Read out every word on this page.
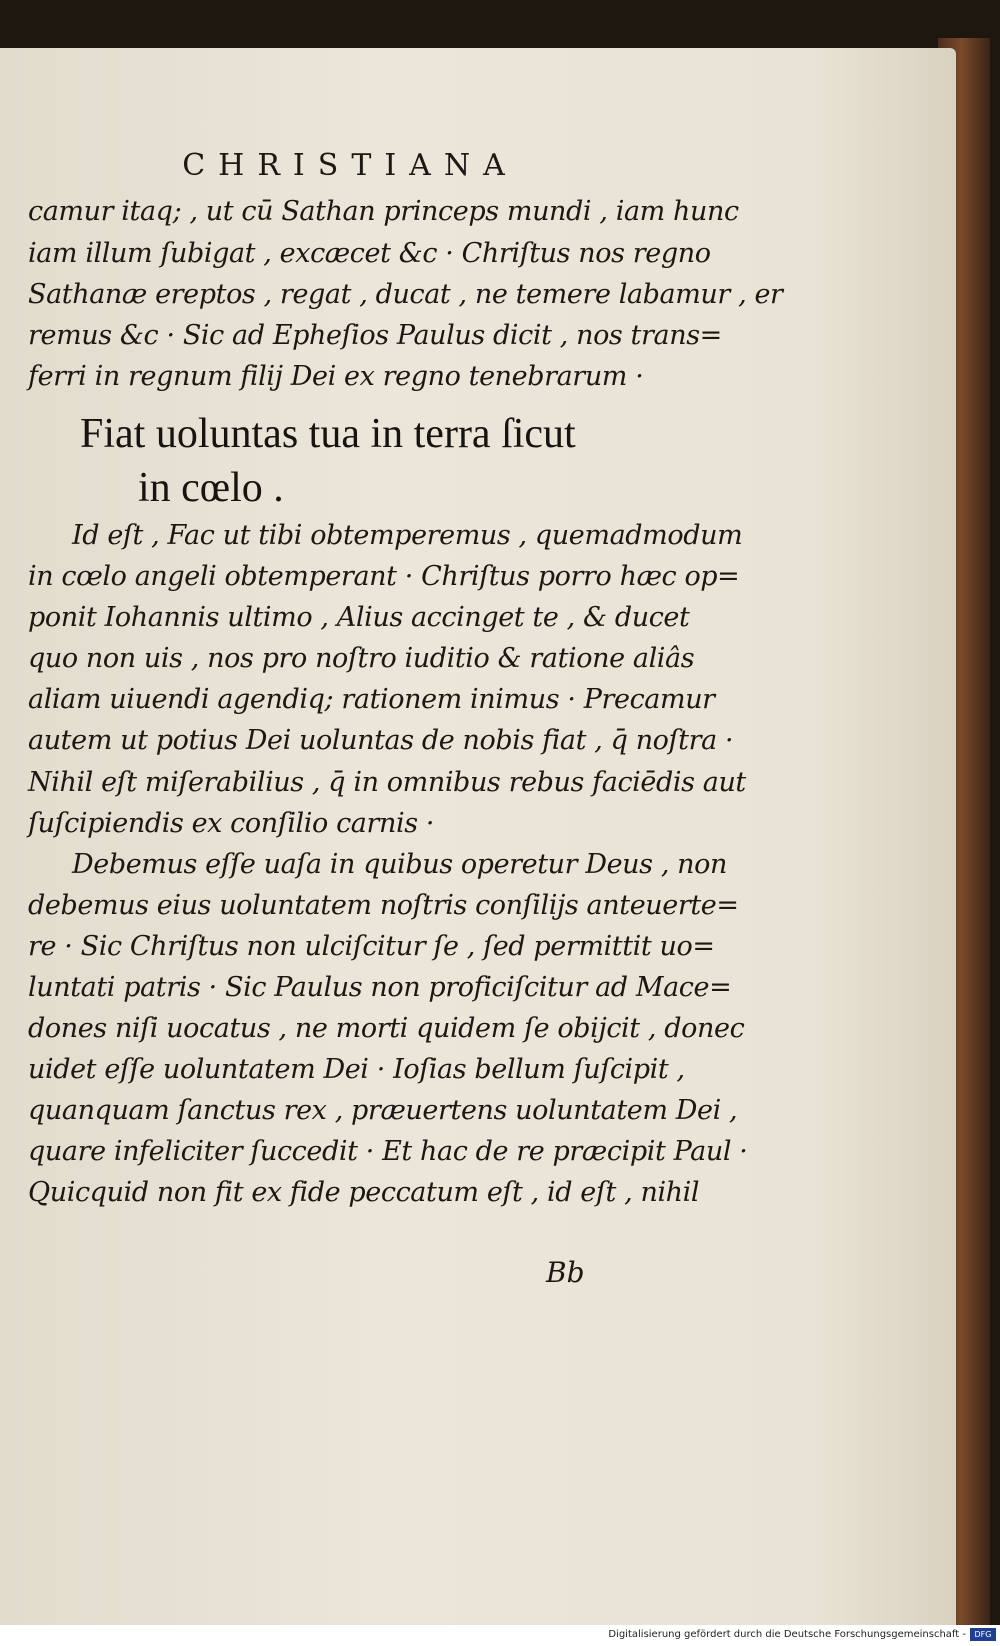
CHRISTIANA
camur itaq; , ut cū Sathan princeps mundi , iam hunc
iam illum ſubigat , excæcet &c · Chriſtus nos regno
Sathanæ ereptos , regat , ducat , ne temere labamur , er
remus &c · Sic ad Epheſios Paulus dicit , nos trans=
ferri in regnum filij Dei ex regno tenebrarum ·
Fiat uoluntas tua in terra ſicut
in cœlo .
Id eſt , Fac ut tibi obtemperemus , quemadmodum
in cœlo angeli obtemperant · Chriſtus porro hæc op=
ponit Iohannis ultimo , Alius accinget te , & ducet
quo non uis , nos pro noſtro iuditio & ratione aliâs
aliam uiuendi agendiq; rationem inimus · Precamur
autem ut potius Dei uoluntas de nobis fiat , q̄ noſtra ·
Nihil eſt miſerabilius , q̄ in omnibus rebus faciēdis aut
ſuſcipiendis ex conſilio carnis ·
Debemus eſſe uaſa in quibus operetur Deus , non
debemus eius uoluntatem noſtris conſilijs anteuerte=
re · Sic Chriſtus non ulciſcitur ſe , ſed permittit uo=
luntati patris · Sic Paulus non proficiſcitur ad Mace=
dones niſi uocatus , ne morti quidem ſe obijcit , donec
uidet eſſe uoluntatem Dei · Ioſias bellum ſuſcipit ,
quanquam ſanctus rex , præuertens uoluntatem Dei ,
quare infeliciter ſuccedit · Et hac de re præcipit Paul ·
Quicquid non fit ex fide peccatum eſt , id eſt , nihil
Bb
Digitalisierung gefördert durch die Deutsche Forschungsgemeinschaft -	DFG
